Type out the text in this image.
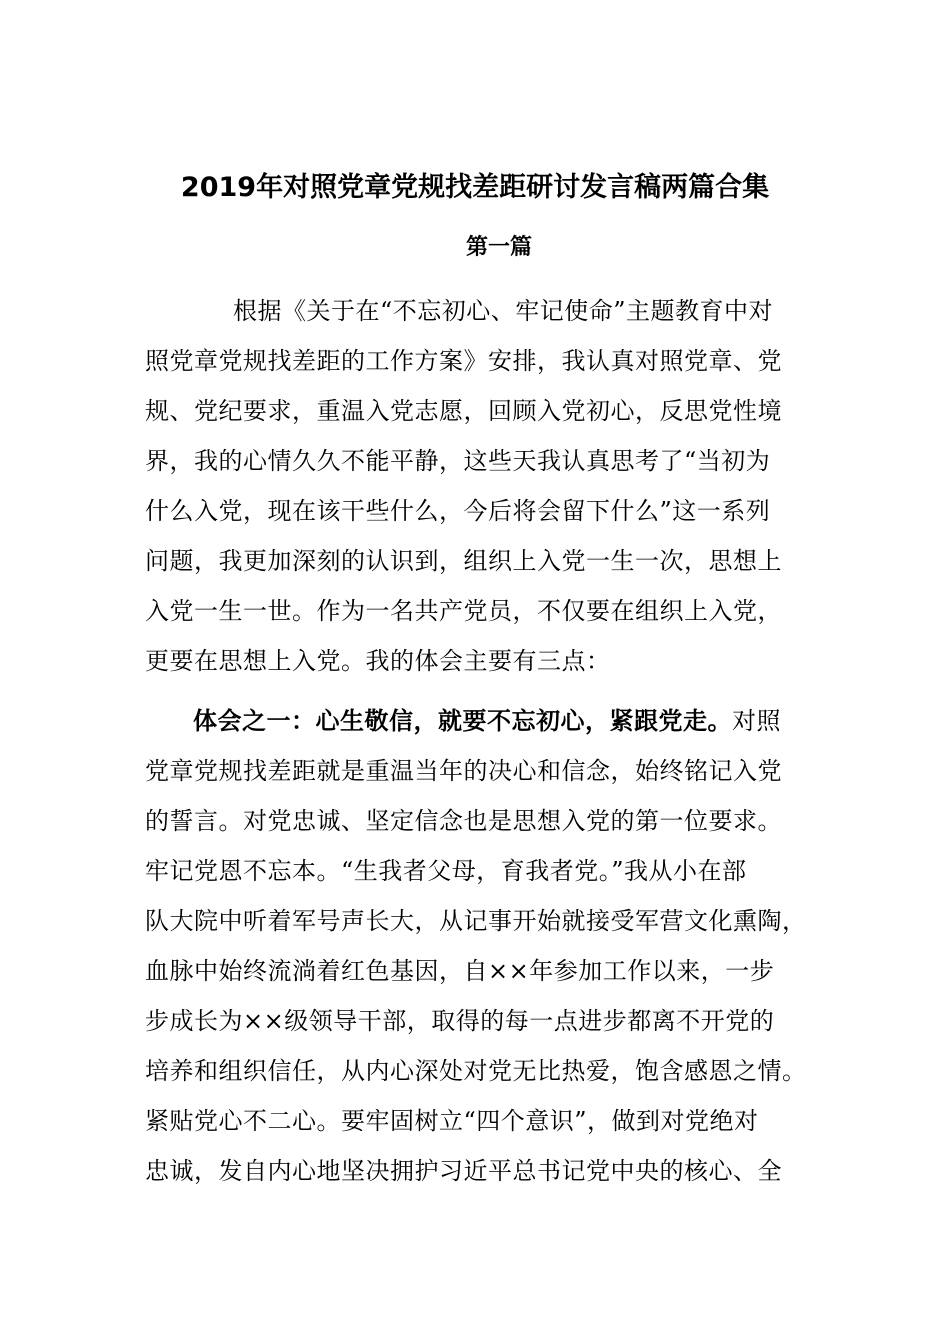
2019年对照党章党规找差距研讨发言稿两篇合集
第一篇
根据《关于在“不忘初心、牢记使命”主题教育中对
照党章党规找差距的工作方案》安排，我认真对照党章、党
规、党纪要求，重温入党志愿，回顾入党初心，反思党性境
界，我的心情久久不能平静，这些天我认真思考了“当初为
什么入党，现在该干些什么，今后将会留下什么”这一系列
问题，我更加深刻的认识到，组织上入党一生一次，思想上
入党一生一世。作为一名共产党员，不仅要在组织上入党，
更要在思想上入党。我的体会主要有三点：
体会之一：心生敬信，就要不忘初心，紧跟党走。对照
党章党规找差距就是重温当年的决心和信念，始终铭记入党
的誓言。对党忠诚、坚定信念也是思想入党的第一位要求。
牢记党恩不忘本。“生我者父母，育我者党。”我从小在部
队大院中听着军号声长大，从记事开始就接受军营文化熏陶，
血脉中始终流淌着红色基因，自××年参加工作以来，一步
步成长为××级领导干部，取得的每一点进步都离不开党的
培养和组织信任，从内心深处对党无比热爱，饱含感恩之情。
紧贴党心不二心。要牢固树立“四个意识”，做到对党绝对
忠诚，发自内心地坚决拥护习近平总书记党中央的核心、全
